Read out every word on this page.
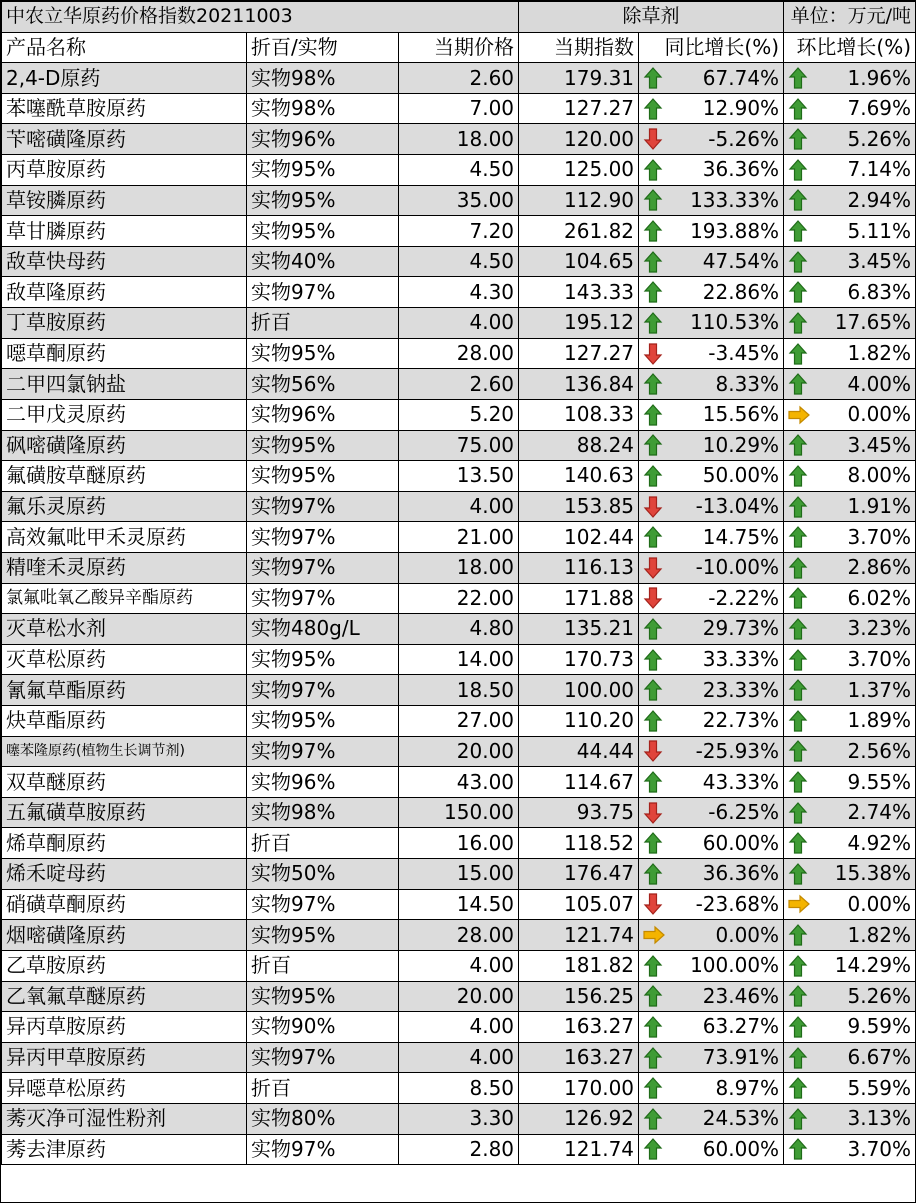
中农立华原药价格指数20211003			除草剂		单位：万元/吨
产品名称	折百/实物	当期价格	当期指数	同比增长(%)	环比增长(%)
2,4-D原药	实物98%	2.60	179.31	67.74%	1.96%

苯噻酰草胺原药	实物98%	7.00	127.27	12.90%	7.69%

苄嘧磺隆原药	实物96%	18.00	120.00	-5.26%	5.26%

丙草胺原药	实物95%	4.50	125.00	36.36%	7.14%

草铵膦原药	实物95%	35.00	112.90	133.33%	2.94%

草甘膦原药	实物95%	7.20	261.82	193.88%	5.11%

敌草快母药	实物40%	4.50	104.65	47.54%	3.45%

敌草隆原药	实物97%	4.30	143.33	22.86%	6.83%

丁草胺原药	折百	4.00	195.12	110.53%	17.65%

噁草酮原药	实物95%	28.00	127.27	-3.45%	1.82%

二甲四氯钠盐	实物56%	2.60	136.84	8.33%	4.00%

二甲戊灵原药	实物96%	5.20	108.33	15.56%	0.00%

砜嘧磺隆原药	实物95%	75.00	88.24	10.29%	3.45%

氟磺胺草醚原药	实物95%	13.50	140.63	50.00%	8.00%

氟乐灵原药	实物97%	4.00	153.85	-13.04%	1.91%

高效氟吡甲禾灵原药	实物97%	21.00	102.44	14.75%	3.70%

精喹禾灵原药	实物97%	18.00	116.13	-10.00%	2.86%

氯氟吡氧乙酸异辛酯原药	实物97%	22.00	171.88	-2.22%	6.02%

灭草松水剂	实物480g/L	4.80	135.21	29.73%	3.23%

灭草松原药	实物95%	14.00	170.73	33.33%	3.70%

氰氟草酯原药	实物97%	18.50	100.00	23.33%	1.37%

炔草酯原药	实物95%	27.00	110.20	22.73%	1.89%

噻苯隆原药(植物生长调节剂)	实物97%	20.00	44.44	-25.93%	2.56%

双草醚原药	实物96%	43.00	114.67	43.33%	9.55%

五氟磺草胺原药	实物98%	150.00	93.75	-6.25%	2.74%

烯草酮原药	折百	16.00	118.52	60.00%	4.92%

烯禾啶母药	实物50%	15.00	176.47	36.36%	15.38%

硝磺草酮原药	实物97%	14.50	105.07	-23.68%	0.00%

烟嘧磺隆原药	实物95%	28.00	121.74	0.00%	1.82%

乙草胺原药	折百	4.00	181.82	100.00%	14.29%

乙氧氟草醚原药	实物95%	20.00	156.25	23.46%	5.26%

异丙草胺原药	实物90%	4.00	163.27	63.27%	9.59%

异丙甲草胺原药	实物97%	4.00	163.27	73.91%	6.67%

异噁草松原药	折百	8.50	170.00	8.97%	5.59%

莠灭净可湿性粉剂	实物80%	3.30	126.92	24.53%	3.13%

莠去津原药	实物97%	2.80	121.74	60.00%	3.70%
